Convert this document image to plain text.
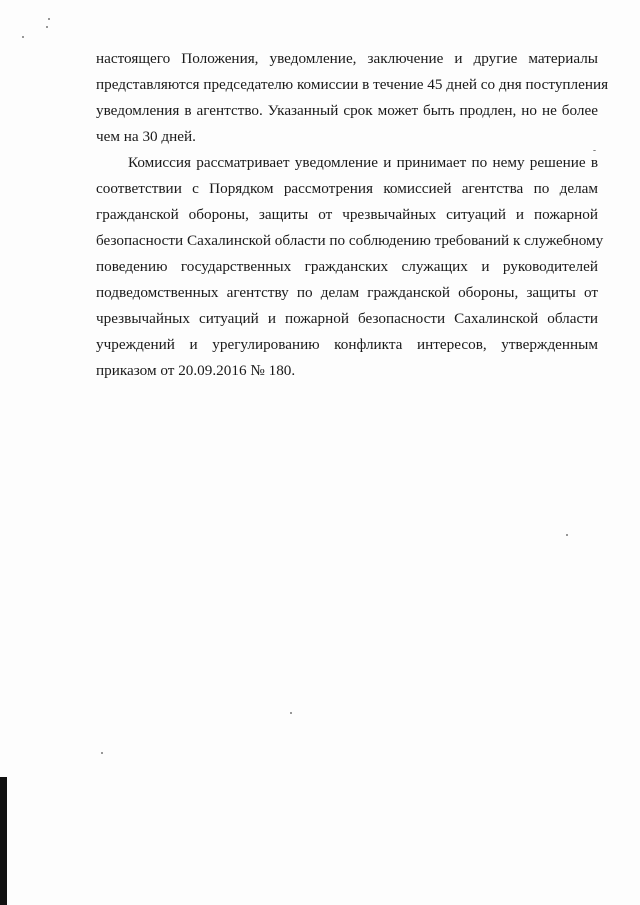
настоящего Положения, уведомление, заключение и другие материалы
представляются председателю комиссии в течение 45 дней со дня поступления
уведомления в агентство. Указанный срок может быть продлен, но не более
чем на 30 дней.
Комиссия рассматривает уведомление и принимает по нему решение в
соответствии с Порядком рассмотрения комиссией агентства по делам
гражданской обороны, защиты от чрезвычайных ситуаций и пожарной
безопасности Сахалинской области по соблюдению требований к служебному
поведению государственных гражданских служащих и руководителей
подведомственных агентству по делам гражданской обороны, защиты от
чрезвычайных ситуаций и пожарной безопасности Сахалинской области
учреждений и урегулированию конфликта интересов, утвержденным
приказом от 20.09.2016 № 180.
